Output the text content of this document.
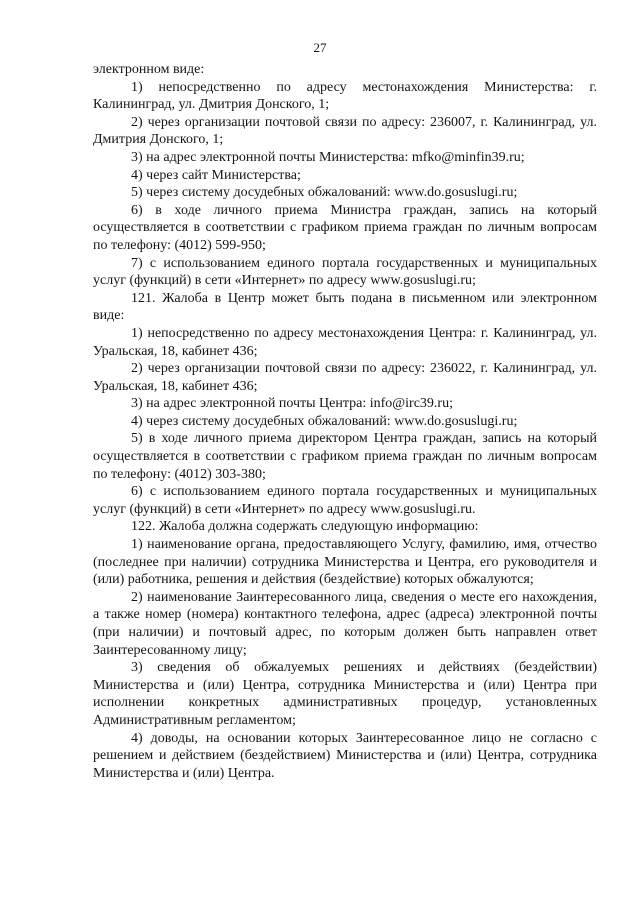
27

электронном виде:

1) непосредственно по адресу местонахождения Министерства: г. Калининград, ул. Дмитрия Донского, 1;

2) через организации почтовой связи по адресу: 236007, г. Калининград, ул. Дмитрия Донского, 1;

3) на адрес электронной почты Министерства: mfko@minfin39.ru;

4) через сайт Министерства;

5) через систему досудебных обжалований: www.do.gosuslugi.ru;

6) в ходе личного приема Министра граждан, запись на который осуществляется в соответствии с графиком приема граждан по личным вопросам по телефону: (4012) 599-950;

7) с использованием единого портала государственных и муниципальных услуг (функций) в сети «Интернет» по адресу www.gosuslugi.ru;

121. Жалоба в Центр может быть подана в письменном или электронном виде:

1) непосредственно по адресу местонахождения Центра: г. Калининград, ул. Уральская, 18, кабинет 436;

2) через организации почтовой связи по адресу: 236022, г. Калининград, ул. Уральская, 18, кабинет 436;

3) на адрес электронной почты Центра: info@irc39.ru;

4) через систему досудебных обжалований: www.do.gosuslugi.ru;

5) в ходе личного приема директором Центра граждан, запись на который осуществляется в соответствии с графиком приема граждан по личным вопросам по телефону: (4012) 303-380;

6) с использованием единого портала государственных и муниципальных услуг (функций) в сети «Интернет» по адресу www.gosuslugi.ru.

122. Жалоба должна содержать следующую информацию:

1) наименование органа, предоставляющего Услугу, фамилию, имя, отчество (последнее при наличии) сотрудника Министерства и Центра, его руководителя и (или) работника, решения и действия (бездействие) которых обжалуются;

2) наименование Заинтересованного лица, сведения о месте его нахождения, а также номер (номера) контактного телефона, адрес (адреса) электронной почты (при наличии) и почтовый адрес, по которым должен быть направлен ответ Заинтересованному лицу;

3) сведения об обжалуемых решениях и действиях (бездействии) Министерства и (или) Центра, сотрудника Министерства и (или) Центра при исполнении конкретных административных процедур, установленных Административным регламентом;

4) доводы, на основании которых Заинтересованное лицо не согласно с решением и действием (бездействием) Министерства и (или) Центра, сотрудника Министерства и (или) Центра.
